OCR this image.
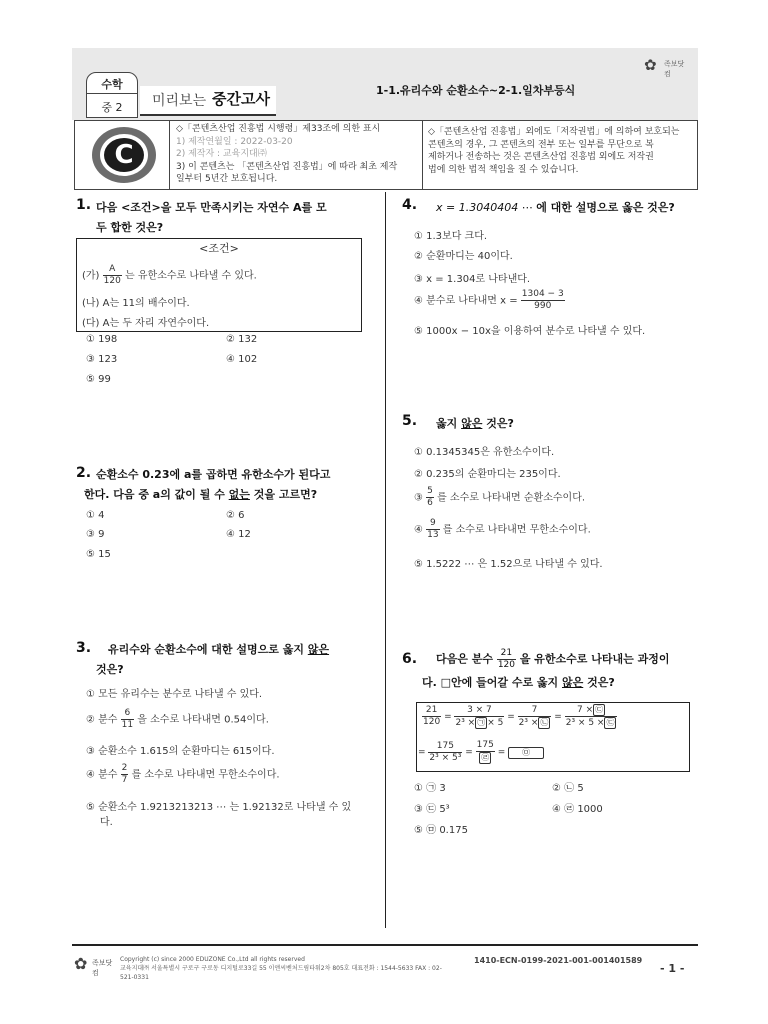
✿ 족보닷컴
수학
중 2	미리보는 중간고사	1-1.유리수와 순환소수~2-1.일차부등식
C
◇「콘텐츠산업 진흥법 시행령」제33조에 의한 표시
1) 제작연월일 : 2022-03-20
2) 제작자 : 교육지대㈜
3) 이 콘텐츠는 「콘텐츠산업 진흥법」에 따라 최초 제작
일부터 5년간 보호됩니다.
◇「콘텐츠산업 진흥법」외에도「저작권법」에 의하여 보호되는
콘텐츠의 경우, 그 콘텐츠의 전부 또는 일부를 무단으로 복
제하거나 전송하는 것은 콘텐츠산업 진흥법 외에도 저작권
법에 의한 법적 책임을 질 수 있습니다.
1. 다음 <조건>을 모두 만족시키는 자연수 A를 모
두 합한 것은?
<조건>
(가) $\frac{A}{120}$ 는 유한소수로 나타낼 수 있다.
(나) A는 11의 배수이다.
(다) A는 두 자리 자연수이다.
① 198	② 132
③ 123	④ 102
⑤ 99
2. 순환소수 0.23에 a를 곱하면 유한소수가 된다고
한다. 다음 중 a의 값이 될 수 없는 것을 고르면?
① 4	② 6
③ 9	④ 12
⑤ 15
3. 유리수와 순환소수에 대한 설명으로 옳지 않은
것은?
① 모든 유리수는 분수로 나타낼 수 있다.
② 분수 $\frac{6}{11}$ 을 소수로 나타내면 0.54이다.
③ 순환소수 1.615의 순환마디는 615이다.
④ 분수 $\frac{2}{7}$ 를 소수로 나타내면 무한소수이다.
⑤ 순환소수 1.9213213213 ⋯ 는 1.92132로 나타낼 수 있
다.
4. x = 1.3040404 ⋯ 에 대한 설명으로 옳은 것은?
① 1.3보다 크다.
② 순환마디는 40이다.
③ x = 1.304로 나타낸다.
④ 분수로 나타내면 $x = \frac{1304 - 3}{990}$
⑤ 1000x − 10x을 이용하여 분수로 나타낼 수 있다.
5. 옳지 않은 것은?
① 0.1345345은 유한소수이다.
② 0.235의 순환마디는 235이다.
③ $\frac{5}{6}$ 를 소수로 나타내면 순환소수이다.
④ $\frac{9}{13}$ 를 소수로 나타내면 무한소수이다.
⑤ 1.5222 ⋯ 은 1.52으로 나타낼 수 있다.
6. 다음은 분수 $\frac{21}{120}$ 을 유한소수로 나타내는 과정이
다. □안에 들어갈 수로 옳지 않은 것은?
$\frac{21}{120} = \frac{3 \times 7}{\text{2³ × ㉠ × 5}} = \frac{7}{\text{2³ × ㉡}} = \frac{7 \times ㉢}{\text{2³ × 5 × ㉢}}$
= $\frac{175}{\text{2³ × 5³}} = \frac{175}{㉣}$ = ㉤
① ㉠ 3	② ㉡ 5
③ ㉢ 5³	④ ㉣ 1000
⑤ ㉤ 0.175
✿ 족보닷컴
Copyright (c) since 2000 EDUZONE Co.,Ltd all rights reserved
교육지대㈜ 서울특별시 구로구 구로동 디지털로33길 55 이앤씨벤처드림타워2차 805호 대표전화 : 1544-5633 FAX : 02-521-0331
1410-ECN-0199-2021-001-001401589
- 1 -
